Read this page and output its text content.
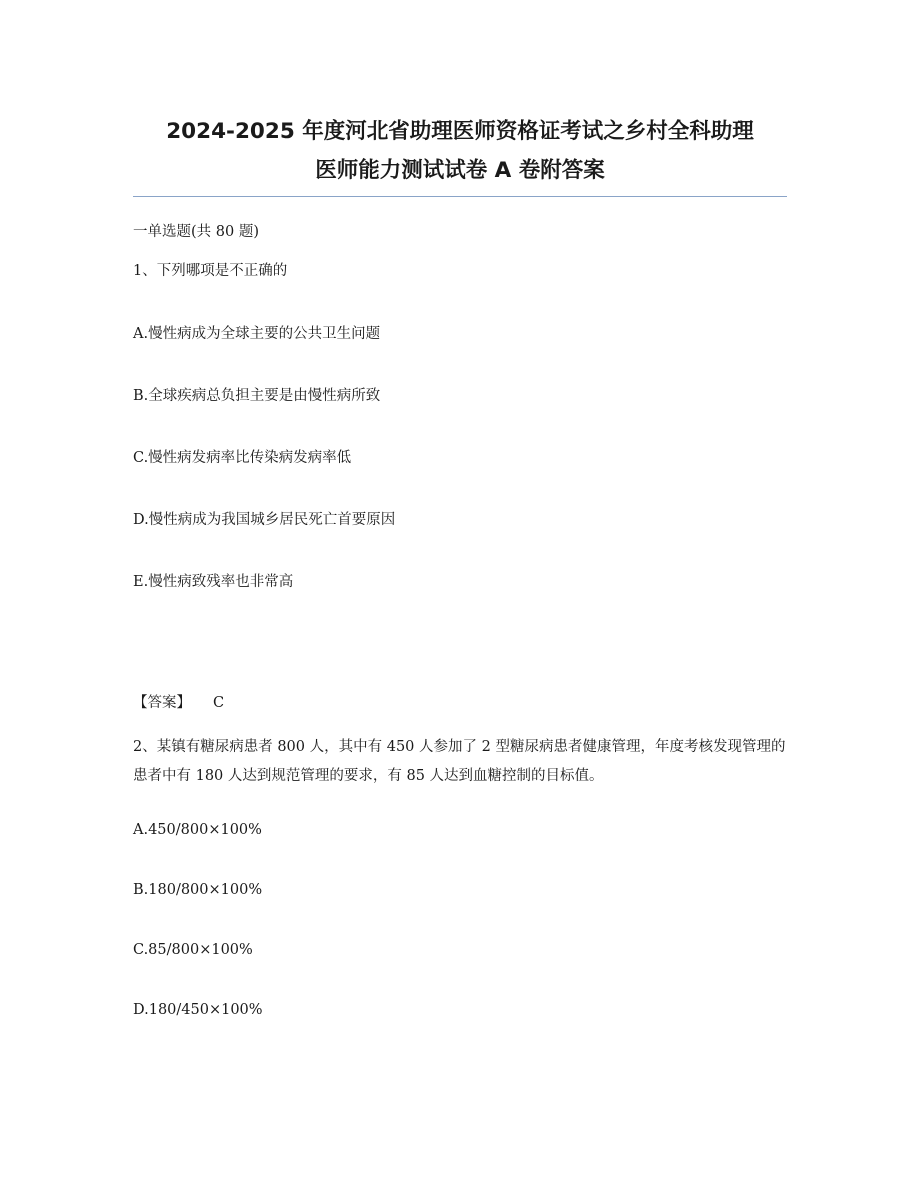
2024-2025 年度河北省助理医师资格证考试之乡村全科助理
医师能力测试试卷 A 卷附答案

一单选题(共 80 题)

1、下列哪项是不正确的

A.慢性病成为全球主要的公共卫生问题

B.全球疾病总负担主要是由慢性病所致

C.慢性病发病率比传染病发病率低

D.慢性病成为我国城乡居民死亡首要原因

E.慢性病致残率也非常高

【答案】 C

2、某镇有糖尿病患者 800 人，其中有 450 人参加了 2 型糖尿病患者健康管理，年度考核发现管理的患者中有 180 人达到规范管理的要求，有 85 人达到血糖控制的目标值。

A.450/800×100%

B.180/800×100%

C.85/800×100%

D.180/450×100%
